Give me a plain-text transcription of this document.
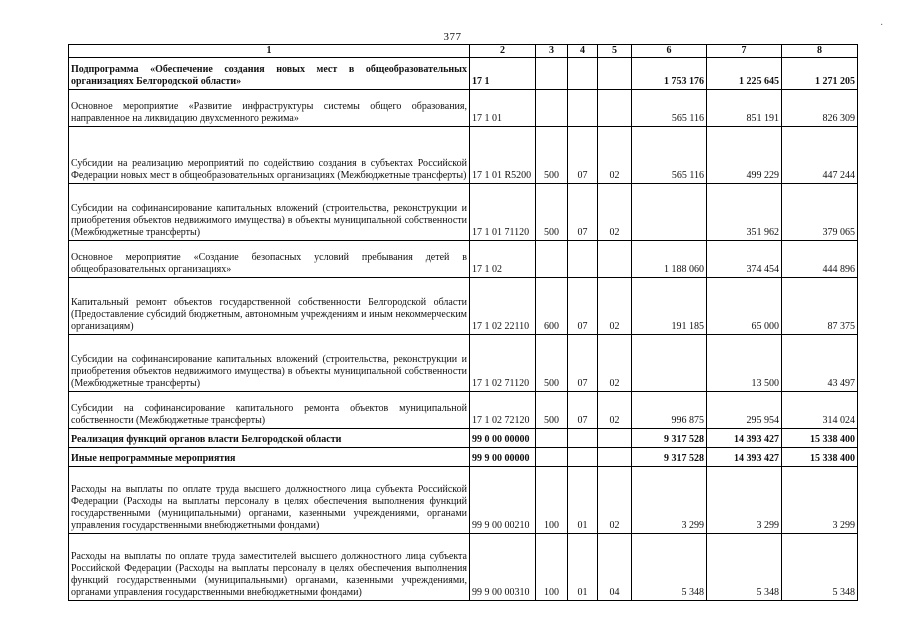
377
·
1	2	3	4	5	6	7	8
Подпрограмма «Обеспечение создания новых мест в общеобразовательных организациях Белгородской области»	17 1				1 753 176	1 225 645	1 271 205
Основное мероприятие «Развитие инфраструктуры системы общего образования, направленное на ликвидацию двухсменного режима»	17 1 01				565 116	851 191	826 309
Субсидии на реализацию мероприятий по содействию создания в субъектах Российской Федерации новых мест в общеобразовательных организациях (Межбюджетные трансферты)	17 1 01 R5200	500	07	02	565 116	499 229	447 244
Субсидии на софинансирование капитальных вложений (строительства, реконструкции и приобретения объектов недвижимого имущества) в объекты муниципальной собственности (Межбюджетные трансферты)	17 1 01 71120	500	07	02		351 962	379 065
Основное мероприятие «Создание безопасных условий пребывания детей в общеобразовательных организациях»	17 1 02				1 188 060	374 454	444 896
Капитальный ремонт объектов государственной собственности Белгородской области (Предоставление субсидий бюджетным, автономным учреждениям и иным некоммерческим организациям)	17 1 02 22110	600	07	02	191 185	65 000	87 375
Субсидии на софинансирование капитальных вложений (строительства, реконструкции и приобретения объектов недвижимого имущества) в объекты муниципальной собственности (Межбюджетные трансферты)	17 1 02 71120	500	07	02		13 500	43 497
Субсидии на софинансирование капитального ремонта объектов муниципальной собственности (Межбюджетные трансферты)	17 1 02 72120	500	07	02	996 875	295 954	314 024
Реализация функций органов власти Белгородской области	99 0 00 00000				9 317 528	14 393 427	15 338 400
Иные непрограммные мероприятия	99 9 00 00000				9 317 528	14 393 427	15 338 400
Расходы на выплаты по оплате труда высшего должностного лица субъекта Российской Федерации (Расходы на выплаты персоналу в целях обеспечения выполнения функций государственными (муниципальными) органами, казенными учреждениями, органами управления государственными внебюджетными фондами)	99 9 00 00210	100	01	02	3 299	3 299	3 299
Расходы на выплаты по оплате труда заместителей высшего должностного лица субъекта Российской Федерации (Расходы на выплаты персоналу в целях обеспечения выполнения функций государственными (муниципальными) органами, казенными учреждениями, органами управления государственными внебюджетными фондами)	99 9 00 00310	100	01	04	5 348	5 348	5 348
